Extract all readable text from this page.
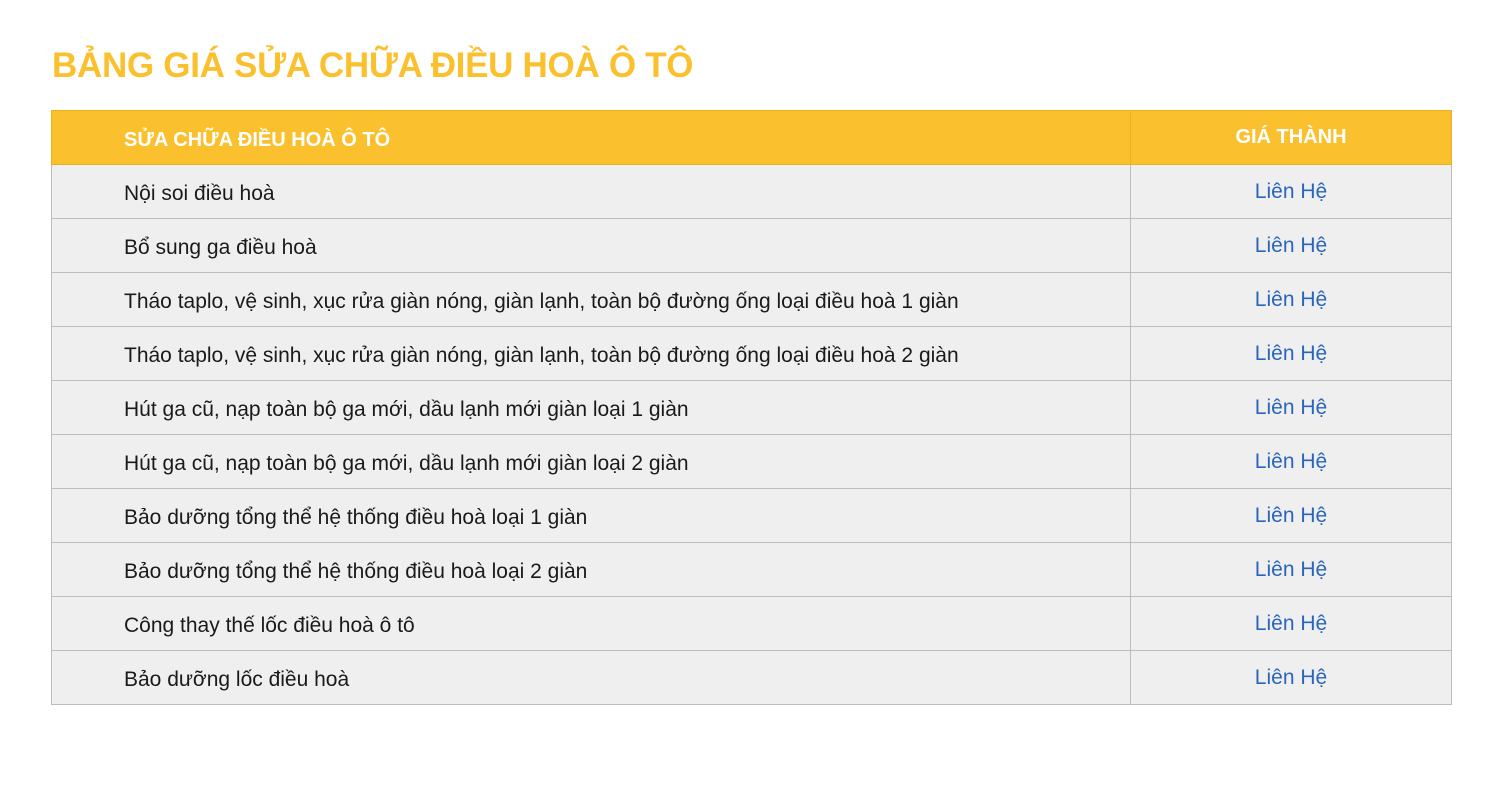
BẢNG GIÁ SỬA CHỮA ĐIỀU HOÀ Ô TÔ
SỬA CHỮA ĐIỀU HOÀ Ô TÔ	GIÁ THÀNH
Nội soi điều hoà	Liên Hệ
Bổ sung ga điều hoà	Liên Hệ
Tháo taplo, vệ sinh, xục rửa giàn nóng, giàn lạnh, toàn bộ đường ống loại điều hoà 1 giàn	Liên Hệ
Tháo taplo, vệ sinh, xục rửa giàn nóng, giàn lạnh, toàn bộ đường ống loại điều hoà 2 giàn	Liên Hệ
Hút ga cũ, nạp toàn bộ ga mới, dầu lạnh mới giàn loại 1 giàn	Liên Hệ
Hút ga cũ, nạp toàn bộ ga mới, dầu lạnh mới giàn loại 2 giàn	Liên Hệ
Bảo dưỡng tổng thể hệ thống điều hoà loại 1 giàn	Liên Hệ
Bảo dưỡng tổng thể hệ thống điều hoà loại 2 giàn	Liên Hệ
Công thay thế lốc điều hoà ô tô	Liên Hệ
Bảo dưỡng lốc điều hoà	Liên Hệ
